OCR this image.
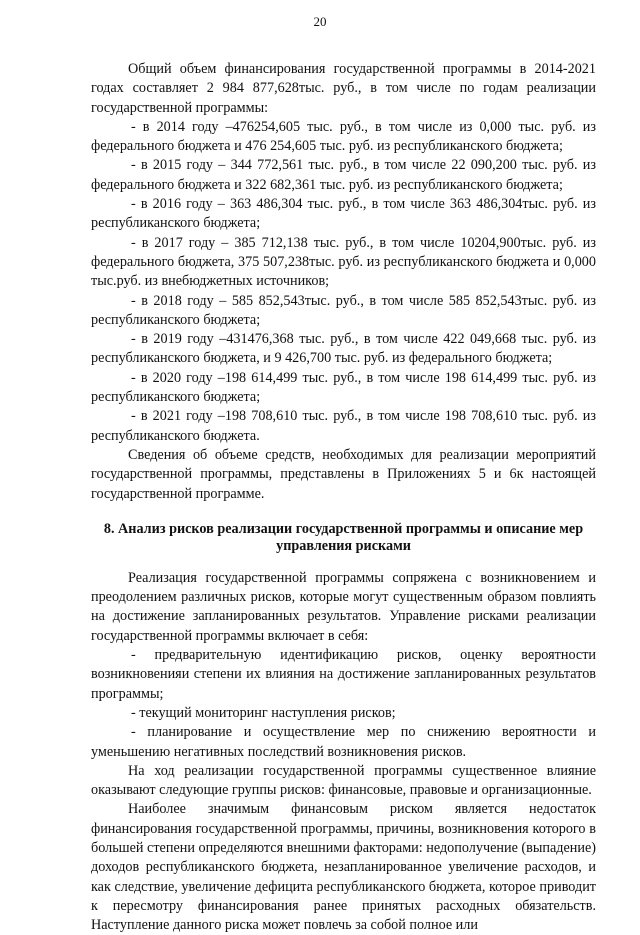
20

Общий объем финансирования государственной программы в 2014-2021 годах составляет 2 984 877,628тыс. руб., в том числе по годам реализации государственной программы:

- в 2014 году –476254,605 тыс. руб., в том числе из 0,000 тыс. руб. из федерального бюджета и 476 254,605 тыс. руб. из республиканского бюджета;

- в 2015 году – 344 772,561 тыс. руб., в том числе 22 090,200 тыс. руб. из федерального бюджета и 322 682,361 тыс. руб. из республиканского бюджета;

- в 2016 году – 363 486,304 тыс. руб., в том числе 363 486,304тыс. руб. из республиканского бюджета;

- в 2017 году – 385 712,138 тыс. руб., в том числе 10204,900тыс. руб. из федерального бюджета, 375 507,238тыс. руб. из республиканского бюджета и 0,000 тыс.руб. из внебюджетных источников;

- в 2018 году – 585 852,543тыс. руб., в том числе 585 852,543тыс. руб. из республиканского бюджета;

- в 2019 году –431476,368 тыс. руб., в том числе 422 049,668 тыс. руб. из республиканского бюджета, и 9 426,700 тыс. руб. из федерального бюджета;

- в 2020 году –198 614,499 тыс. руб., в том числе 198 614,499 тыс. руб. из республиканского бюджета;

- в 2021 году –198 708,610 тыс. руб., в том числе 198 708,610 тыс. руб. из республиканского бюджета.

Сведения об объеме средств, необходимых для реализации мероприятий государственной программы, представлены в Приложениях 5 и 6к настоящей государственной программе.

8. Анализ рисков реализации государственной программы и описание мер управления рисками

Реализация государственной программы сопряжена с возникновением и преодолением различных рисков, которые могут существенным образом повлиять на достижение запланированных результатов. Управление рисками реализации государственной программы включает в себя:

- предварительную идентификацию рисков, оценку вероятности возникновенияи степени их влияния на достижение запланированных результатов программы;

- текущий мониторинг наступления рисков;

- планирование и осуществление мер по снижению вероятности и уменьшению негативных последствий возникновения рисков.

На ход реализации государственной программы существенное влияние оказывают следующие группы рисков: финансовые, правовые и организационные.

Наиболее значимым финансовым риском является недостаток финансирования государственной программы, причины, возникновения которого в большей степени определяются внешними факторами: недополучение (выпадение) доходов республиканского бюджета, незапланированное увеличение расходов, и как следствие, увеличение дефицита республиканского бюджета, которое приводит к пересмотру финансирования ранее принятых расходных обязательств. Наступление данного риска может повлечь за собой полное или
